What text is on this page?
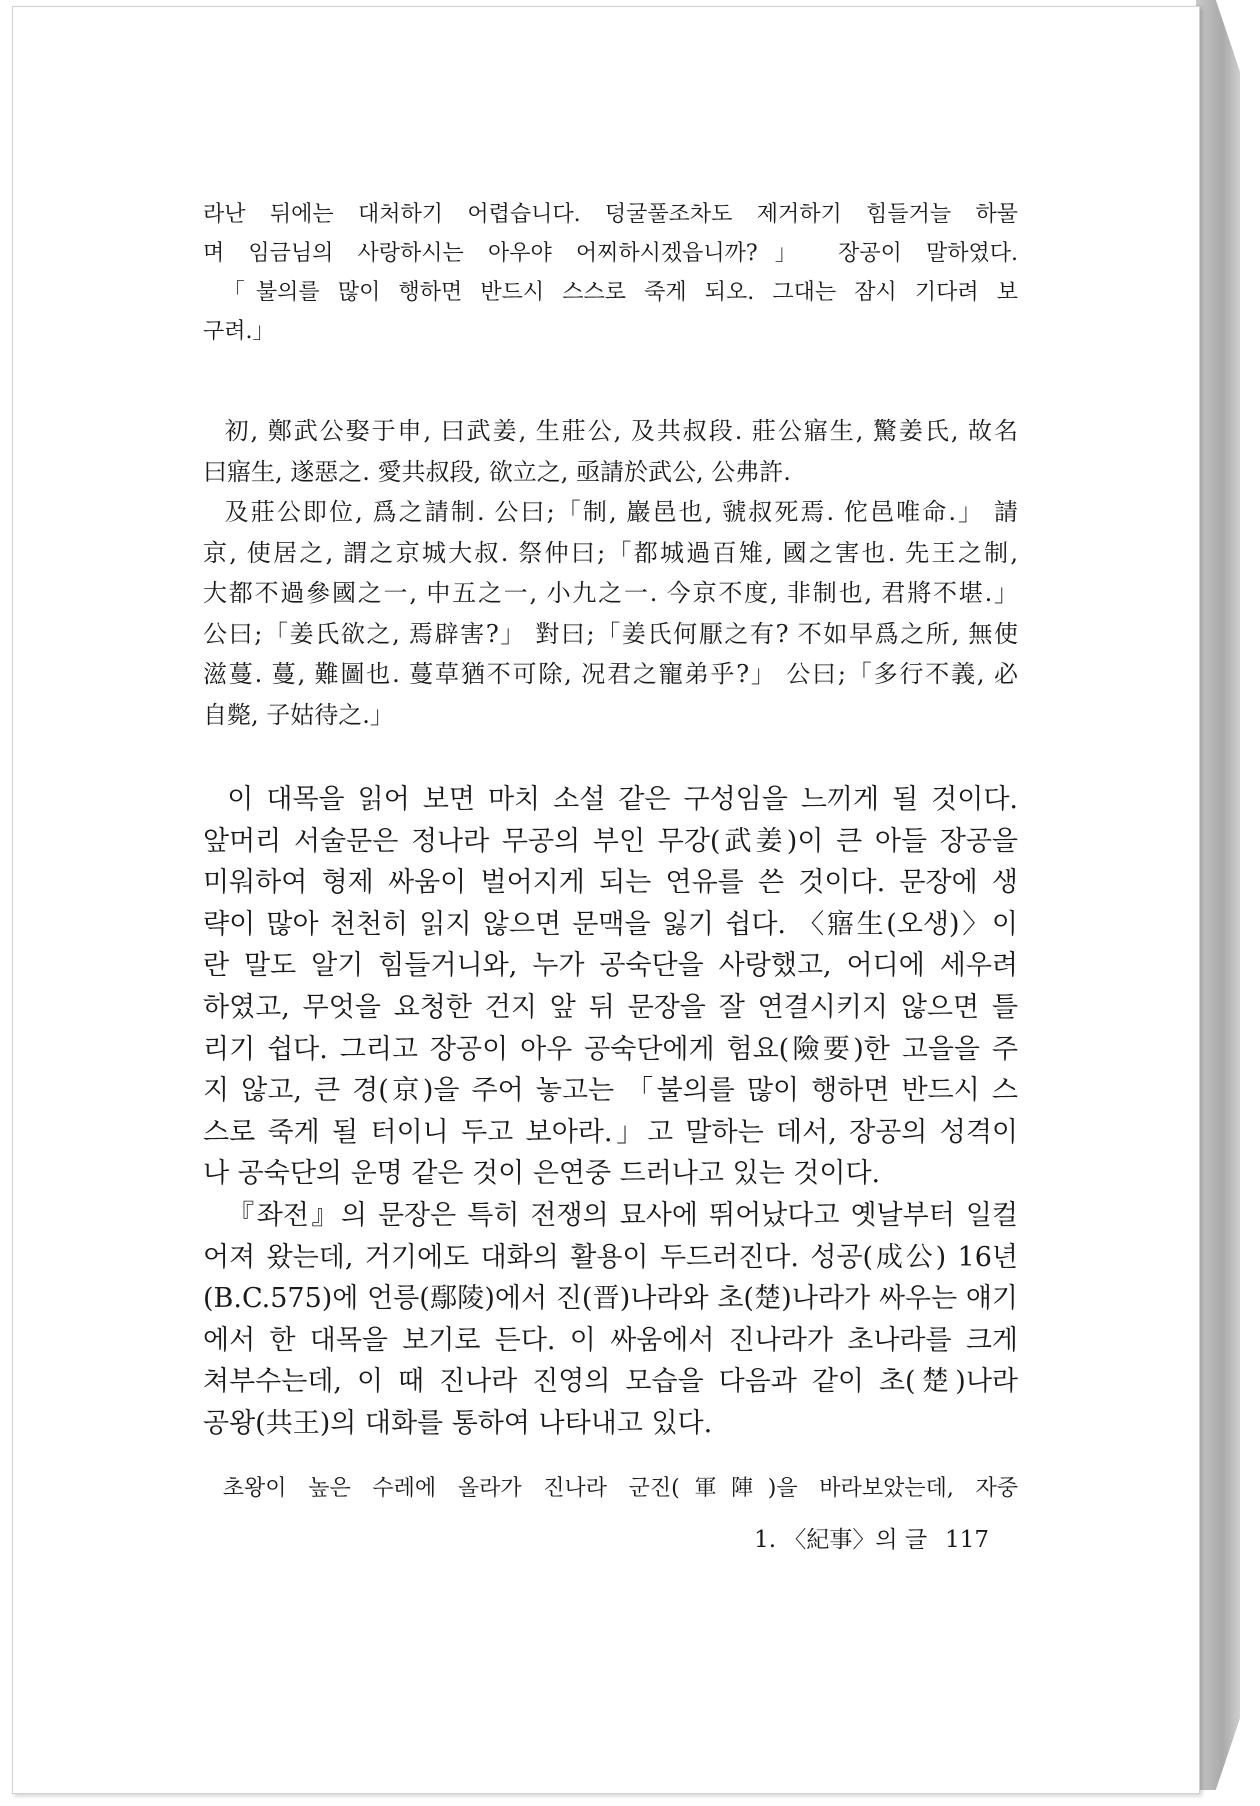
라난 뒤에는 대처하기 어렵습니다. 덩굴풀조차도 제거하기 힘들거늘 하물
며 임금님의 사랑하시는 아우야 어찌하시겠읍니까?」 장공이 말하였다.
「불의를 많이 행하면 반드시 스스로 죽게 되오. 그대는 잠시 기다려 보
구려.」
初, 鄭武公娶于申, 曰武姜, 生莊公, 及共叔段. 莊公寤生, 驚姜氏, 故名
曰寤生, 遂惡之. 愛共叔段, 欲立之, 亟請於武公, 公弗許.
及莊公即位, 爲之請制. 公曰;「制, 巖邑也, 虢叔死焉. 佗邑唯命.」 請
京, 使居之, 謂之京城大叔. 祭仲曰;「都城過百雉, 國之害也. 先王之制,
大都不過參國之一, 中五之一, 小九之一. 今京不度, 非制也, 君將不堪.」
公曰;「姜氏欲之, 焉辟害?」 對曰;「姜氏何厭之有? 不如早爲之所, 無使
滋蔓. 蔓, 難圖也. 蔓草猶不可除, 况君之寵弟乎?」 公曰;「多行不義, 必
自斃, 子姑待之.」
이 대목을 읽어 보면 마치 소설 같은 구성임을 느끼게 될 것이다.
앞머리 서술문은 정나라 무공의 부인 무강(武姜)이 큰 아들 장공을
미워하여 형제 싸움이 벌어지게 되는 연유를 쓴 것이다. 문장에 생
략이 많아 천천히 읽지 않으면 문맥을 잃기 쉽다. 〈寤生(오생)〉이
란 말도 알기 힘들거니와, 누가 공숙단을 사랑했고, 어디에 세우려
하였고, 무엇을 요청한 건지 앞 뒤 문장을 잘 연결시키지 않으면 틀
리기 쉽다. 그리고 장공이 아우 공숙단에게 험요(險要)한 고을을 주
지 않고, 큰 경(京)을 주어 놓고는 「불의를 많이 행하면 반드시 스
스로 죽게 될 터이니 두고 보아라.」고 말하는 데서, 장공의 성격이
나 공숙단의 운명 같은 것이 은연중 드러나고 있는 것이다.
『좌전』의 문장은 특히 전쟁의 묘사에 뛰어났다고 옛날부터 일컬
어져 왔는데, 거기에도 대화의 활용이 두드러진다. 성공(成公) 16년
(B.C.575)에 언릉(鄢陵)에서 진(晋)나라와 초(楚)나라가 싸우는 얘기
에서 한 대목을 보기로 든다. 이 싸움에서 진나라가 초나라를 크게
쳐부수는데, 이 때 진나라 진영의 모습을 다음과 같이 초(楚)나라
공왕(共王)의 대화를 통하여 나타내고 있다.
초왕이 높은 수레에 올라가 진나라 군진(軍陣)을 바라보았는데, 자중
1. 〈紀事〉의 글 117
